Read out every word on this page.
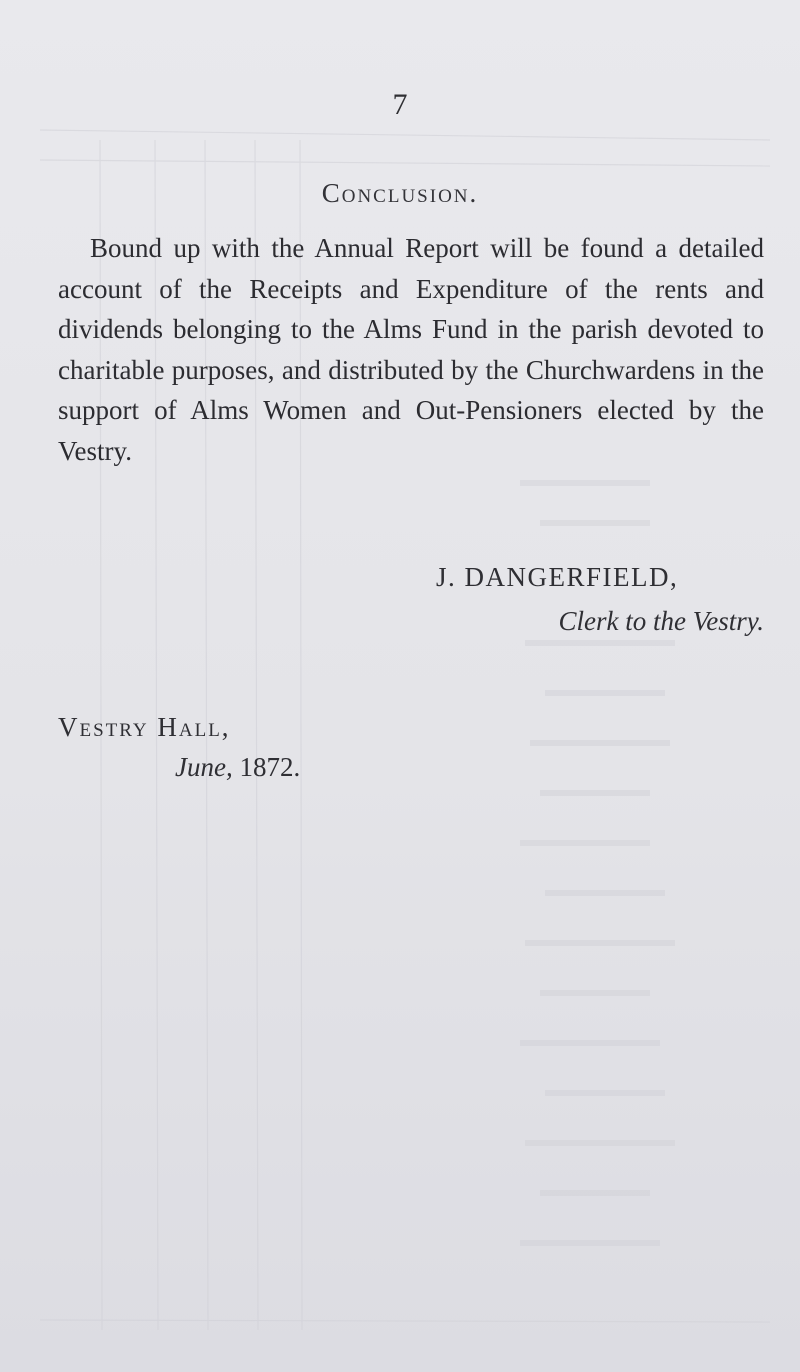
7
Conclusion.

Bound up with the Annual Report will be found a detailed account of the Receipts and Expenditure of the rents and dividends belonging to the Alms Fund in the parish devoted to charitable purposes, and distributed by the Churchwardens in the support of Alms Women and Out-Pensioners elected by the Vestry.

J. DANGERFIELD,
Clerk to the Vestry.
Vestry Hall,
June, 1872.
